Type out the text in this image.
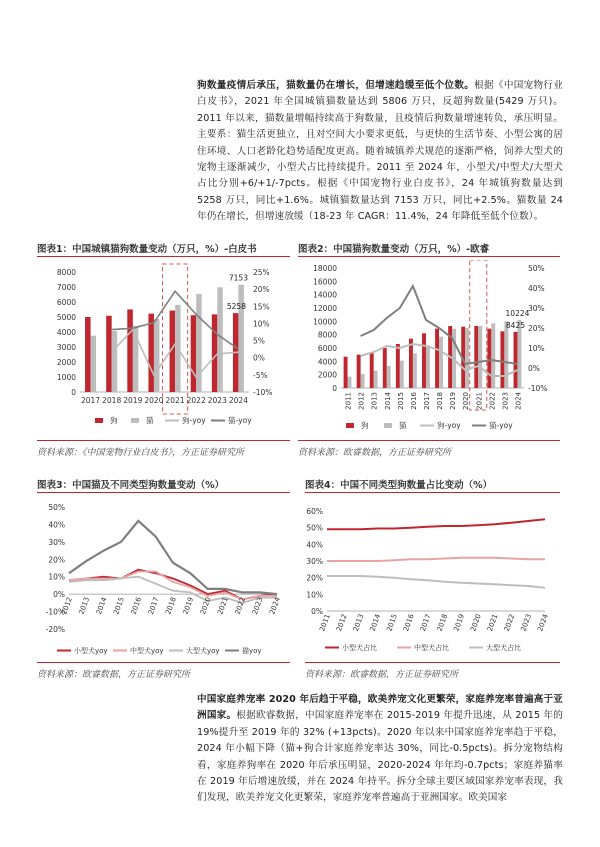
狗数量疫情后承压，猫数量仍在增长，但增速趋缓至低个位数。根据《中国宠物行业白皮书》，2021 年全国城镇猫数量达到 5806 万只，反超狗数量(5429 万只)。2011 年以来，猫数量增幅持续高于狗数量，且疫情后狗数量增速转负，承压明显。主要系：猫生活更独立，且对空间大小要求更低，与更快的生活节奏、小型公寓的居住环境、人口老龄化趋势适配度更高。随着城镇养犬规范的逐渐严格，饲养大型犬的宠物主逐渐减少，小型犬占比持续提升。2011 至 2024 年，小型犬/中型犬/大型犬占比分别+6/+1/-7pcts。根据《中国宠物行业白皮书》，24 年城镇狗数量达到 5258 万只，同比+1.6%。城镇猫数量达到 7153 万只，同比+2.5%。猫数量 24 年仍在增长，但增速放缓（18-23 年 CAGR：11.4%，24 年降低至低个位数）。
图表1：中国城镇猫狗数量变动（万只，%）-白皮书	图表2：中国猫狗数量变动（万只，%）-欧睿
0
1000
2000
3000
4000
5000
6000
7000
8000
-10%
-5%
0%
5%
10%
15%
20%
25%
7153
5258
2017 2018 2019 2020 2021 2022 2023 2024
狗	猫	狗-yoy	猫-yoy
0
2000
4000
6000
8000
10000
12000
14000
16000
18000
-10%
0%
10%
20%
30%
40%
50%
10224
8425
2011 2012 2013 2014 2015 2016 2017 2018 2019 2020 2021 2022 2023 2024
狗	猫	狗-yoy	猫-yoy
资料来源：《中国宠物行业白皮书》，方正证券研究所	资料来源：欧睿数据，方正证券研究所
图表3：中国猫及不同类型狗数量变动（%）	图表4：中国不同类型狗数量占比变动（%）
-20%
-10%
0%
10%
20%
30%
40%
50%
2012 2013 2014 2015 2016 2017 2018 2019 2020 2021 2022 2023 2024
小型犬yoy	中型犬yoy	大型犬yoy	猫yoy
0%
10%
20%
30%
40%
50%
60%
2011 2012 2013 2014 2015 2016 2017 2018 2019 2020 2021 2022 2023 2024
小型犬占比	中型犬占比	大型犬占比
资料来源：欧睿数据，方正证券研究所	资料来源：欧睿数据，方正证券研究所
中国家庭养宠率 2020 年后趋于平稳，欧美养宠文化更繁荣，家庭养宠率普遍高于亚洲国家。根据欧睿数据，中国家庭养宠率在 2015-2019 年提升迅速，从 2015 年的 19%提升至 2019 年的 32% (+13pcts)。2020 年以来中国家庭养宠率趋于平稳，2024 年小幅下降（猫+狗合计家庭养宠率达 30%，同比-0.5pcts)。拆分宠物结构看，家庭养狗率在 2020 年后承压明显，2020-2024 年年均-0.7pcts；家庭养猫率在 2019 年后增速放缓，并在 2024 年持平。拆分全球主要区域国家养宠率表现，我们发现，欧美养宠文化更繁荣，家庭养宠率普遍高于亚洲国家。欧美国家
